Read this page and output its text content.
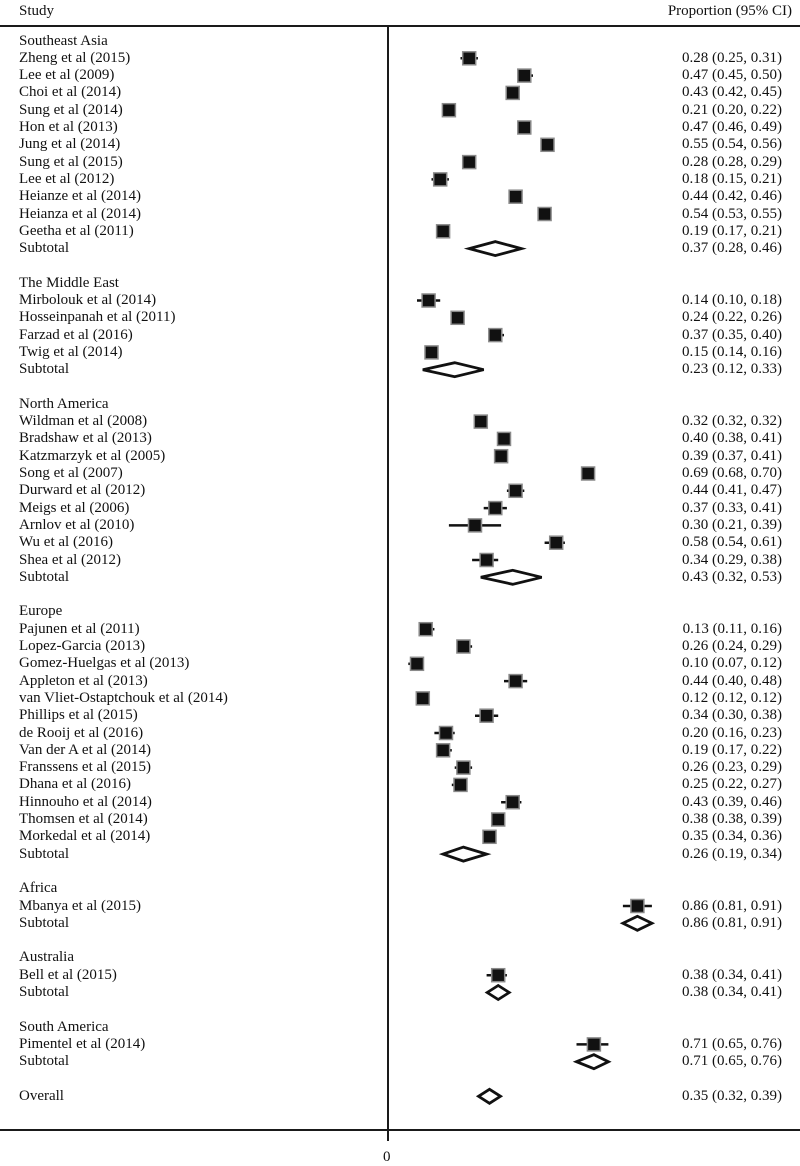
Study	Proportion (95% CI)
0
Southeast Asia
Zheng et al (2015)	0.28 (0.25, 0.31)
Lee et al (2009)	0.47 (0.45, 0.50)
Choi et al (2014)	0.43 (0.42, 0.45)
Sung et al (2014)	0.21 (0.20, 0.22)
Hon et al (2013)	0.47 (0.46, 0.49)
Jung et al (2014)	0.55 (0.54, 0.56)
Sung et al (2015)	0.28 (0.28, 0.29)
Lee et al (2012)	0.18 (0.15, 0.21)
Heianze et al (2014)	0.44 (0.42, 0.46)
Heianza et al (2014)	0.54 (0.53, 0.55)
Geetha et al (2011)	0.19 (0.17, 0.21)
Subtotal	0.37 (0.28, 0.46)
The Middle East
Mirbolouk et al (2014)	0.14 (0.10, 0.18)
Hosseinpanah et al (2011)	0.24 (0.22, 0.26)
Farzad et al (2016)	0.37 (0.35, 0.40)
Twig et al (2014)	0.15 (0.14, 0.16)
Subtotal	0.23 (0.12, 0.33)
North America
Wildman et al (2008)	0.32 (0.32, 0.32)
Bradshaw et al (2013)	0.40 (0.38, 0.41)
Katzmarzyk et al (2005)	0.39 (0.37, 0.41)
Song et al (2007)	0.69 (0.68, 0.70)
Durward et al (2012)	0.44 (0.41, 0.47)
Meigs et al (2006)	0.37 (0.33, 0.41)
Arnlov et al (2010)	0.30 (0.21, 0.39)
Wu et al (2016)	0.58 (0.54, 0.61)
Shea et al (2012)	0.34 (0.29, 0.38)
Subtotal	0.43 (0.32, 0.53)
Europe
Pajunen et al (2011)	0.13 (0.11, 0.16)
Lopez-Garcia (2013)	0.26 (0.24, 0.29)
Gomez-Huelgas et al (2013)	0.10 (0.07, 0.12)
Appleton et al (2013)	0.44 (0.40, 0.48)
van Vliet-Ostaptchouk et al (2014)	0.12 (0.12, 0.12)
Phillips et al (2015)	0.34 (0.30, 0.38)
de Rooij et al (2016)	0.20 (0.16, 0.23)
Van der A et al (2014)	0.19 (0.17, 0.22)
Franssens et al (2015)	0.26 (0.23, 0.29)
Dhana et al (2016)	0.25 (0.22, 0.27)
Hinnouho et al (2014)	0.43 (0.39, 0.46)
Thomsen et al (2014)	0.38 (0.38, 0.39)
Morkedal et al (2014)	0.35 (0.34, 0.36)
Subtotal	0.26 (0.19, 0.34)
Africa
Mbanya et al (2015)	0.86 (0.81, 0.91)
Subtotal	0.86 (0.81, 0.91)
Australia
Bell et al (2015)	0.38 (0.34, 0.41)
Subtotal	0.38 (0.34, 0.41)
South America
Pimentel et al (2014)	0.71 (0.65, 0.76)
Subtotal	0.71 (0.65, 0.76)
Overall	0.35 (0.32, 0.39)
